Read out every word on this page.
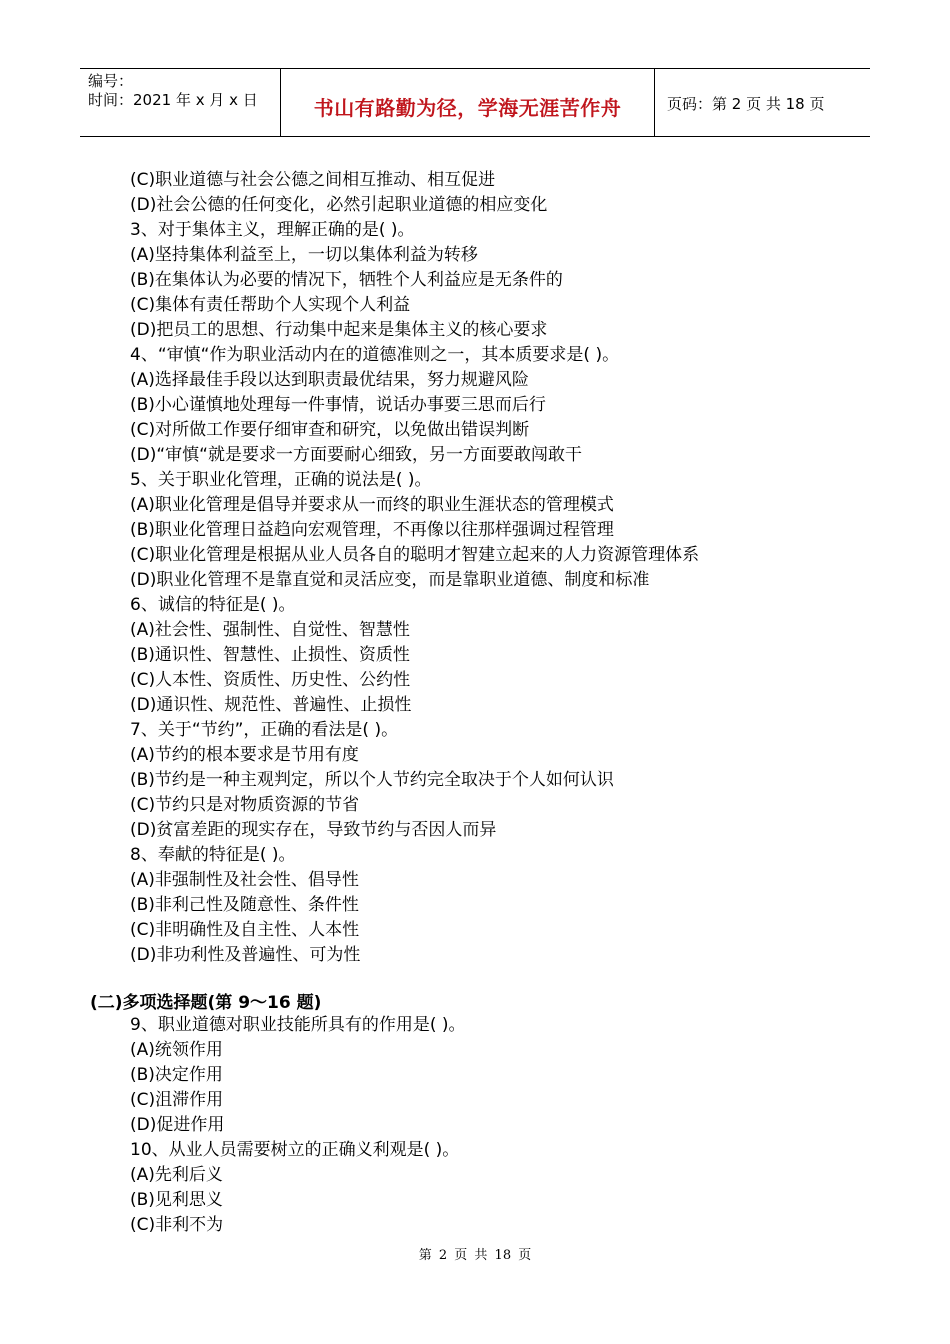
编号：
时间：2021 年 x 月 x 日	书山有路勤为径，学海无涯苦作舟	页码：第 2 页 共 18 页
(C)职业道德与社会公德之间相互推动、相互促进
(D)社会公德的任何变化，必然引起职业道德的相应变化
3、对于集体主义，理解正确的是( )。
(A)坚持集体利益至上，一切以集体利益为转移
(B)在集体认为必要的情况下，牺牲个人利益应是无条件的
(C)集体有责任帮助个人实现个人利益
(D)把员工的思想、行动集中起来是集体主义的核心要求
4、“审慎“作为职业活动内在的道德准则之一，其本质要求是( )。
(A)选择最佳手段以达到职责最优结果，努力规避风险
(B)小心谨慎地处理每一件事情，说话办事要三思而后行
(C)对所做工作要仔细审查和研究，以免做出错误判断
(D)“审慎“就是要求一方面要耐心细致，另一方面要敢闯敢干
5、关于职业化管理，正确的说法是( )。
(A)职业化管理是倡导并要求从一而终的职业生涯状态的管理模式
(B)职业化管理日益趋向宏观管理，不再像以往那样强调过程管理
(C)职业化管理是根据从业人员各自的聪明才智建立起来的人力资源管理体系
(D)职业化管理不是靠直觉和灵活应变，而是靠职业道德、制度和标准
6、诚信的特征是( )。
(A)社会性、强制性、自觉性、智慧性
(B)通识性、智慧性、止损性、资质性
(C)人本性、资质性、历史性、公约性
(D)通识性、规范性、普遍性、止损性
7、关于“节约”，正确的看法是( )。
(A)节约的根本要求是节用有度
(B)节约是一种主观判定，所以个人节约完全取决于个人如何认识
(C)节约只是对物质资源的节省
(D)贫富差距的现实存在，导致节约与否因人而异
8、奉献的特征是( )。
(A)非强制性及社会性、倡导性
(B)非利己性及随意性、条件性
(C)非明确性及自主性、人本性
(D)非功利性及普遍性、可为性
(二)多项选择题(第 9～16 题)
9、职业道德对职业技能所具有的作用是( )。
(A)统领作用
(B)决定作用
(C)沮滞作用
(D)促进作用
10、从业人员需要树立的正确义利观是( )。
(A)先利后义
(B)见利思义
(C)非利不为
第 2 页 共 18 页
